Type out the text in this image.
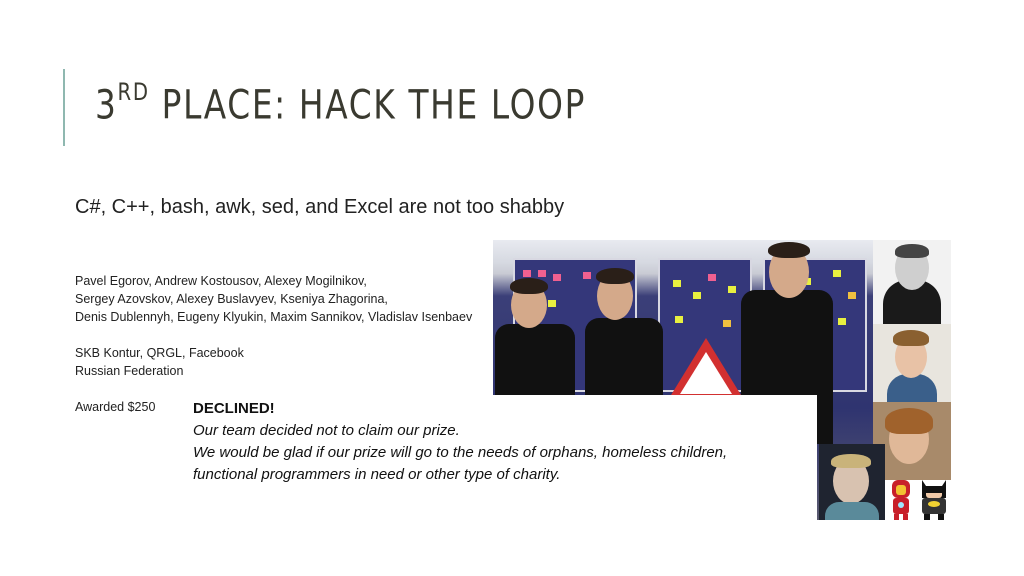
3RD PLACE: HACK THE LOOP
C#, C++, bash, awk, sed, and Excel are not too shabby
Pavel Egorov, Andrew Kostousov, Alexey Mogilnikov,
Sergey Azovskov, Alexey Buslavyev, Kseniya Zhagorina,
Denis Dublennyh, Eugeny Klyukin, Maxim Sannikov, Vladislav Isenbaev
SKB Kontur, QRGL, Facebook
Russian Federation
Awarded $250	DECLINED!
Our team decided not to claim our prize.
We would be glad if our prize will go to the needs of orphans, homeless children,
functional programmers in need or other type of charity.
